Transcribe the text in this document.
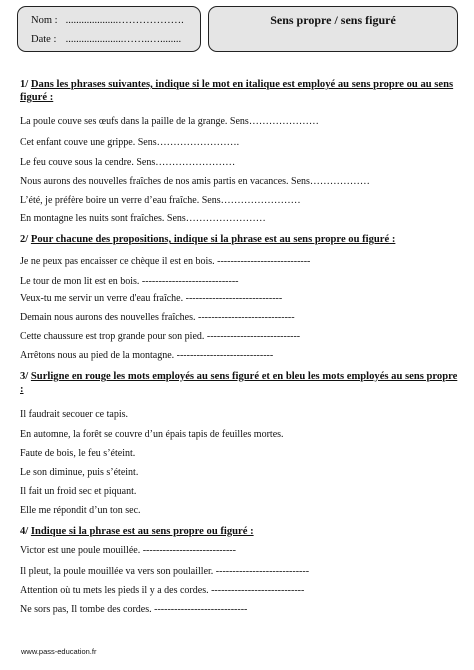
Nom : ....................……………….
Date : ......................……..…........
Sens propre / sens figuré
1/ Dans les phrases suivantes, indique si le mot en italique est employé au sens propre ou au sens figuré :
La poule couve ses œufs dans la paille de la grange. Sens…………………
Cet enfant couve une grippe. Sens…………………….
Le feu couve sous la cendre. Sens……………………
Nous aurons des nouvelles fraîches de nos amis partis en vacances. Sens………………
L’été, je préfère boire un verre d’eau fraîche. Sens……………………
En montagne les nuits sont fraîches. Sens……………………
2/ Pour chacune des propositions, indique si la phrase est au sens propre ou figuré :
Je ne peux pas encaisser ce chèque il est en bois. ----------------------------
Le tour de mon lit est en bois. -----------------------------
Veux-tu me servir un verre d'eau fraîche. -----------------------------
Demain nous aurons des nouvelles fraîches. -----------------------------
Cette chaussure est trop grande pour son pied. ----------------------------
Arrêtons nous au pied de la montagne. -----------------------------
3/ Surligne en rouge les mots employés au sens figuré et en bleu les mots employés au sens propre :
Il faudrait secouer ce tapis.
En automne, la forêt se couvre d’un épais tapis de feuilles mortes.
Faute de bois, le feu s’éteint.
Le son diminue, puis s’éteint.
Il fait un froid sec et piquant.
Elle me répondit d’un ton sec.
4/ Indique si la phrase est au sens propre ou figuré :
Victor est une poule mouillée. ----------------------------
Il pleut, la poule mouillée va vers son poulailler. ----------------------------
Attention où tu mets les pieds il y a des cordes. ----------------------------
Ne sors pas, Il tombe des cordes. ----------------------------
www.pass-education.fr
